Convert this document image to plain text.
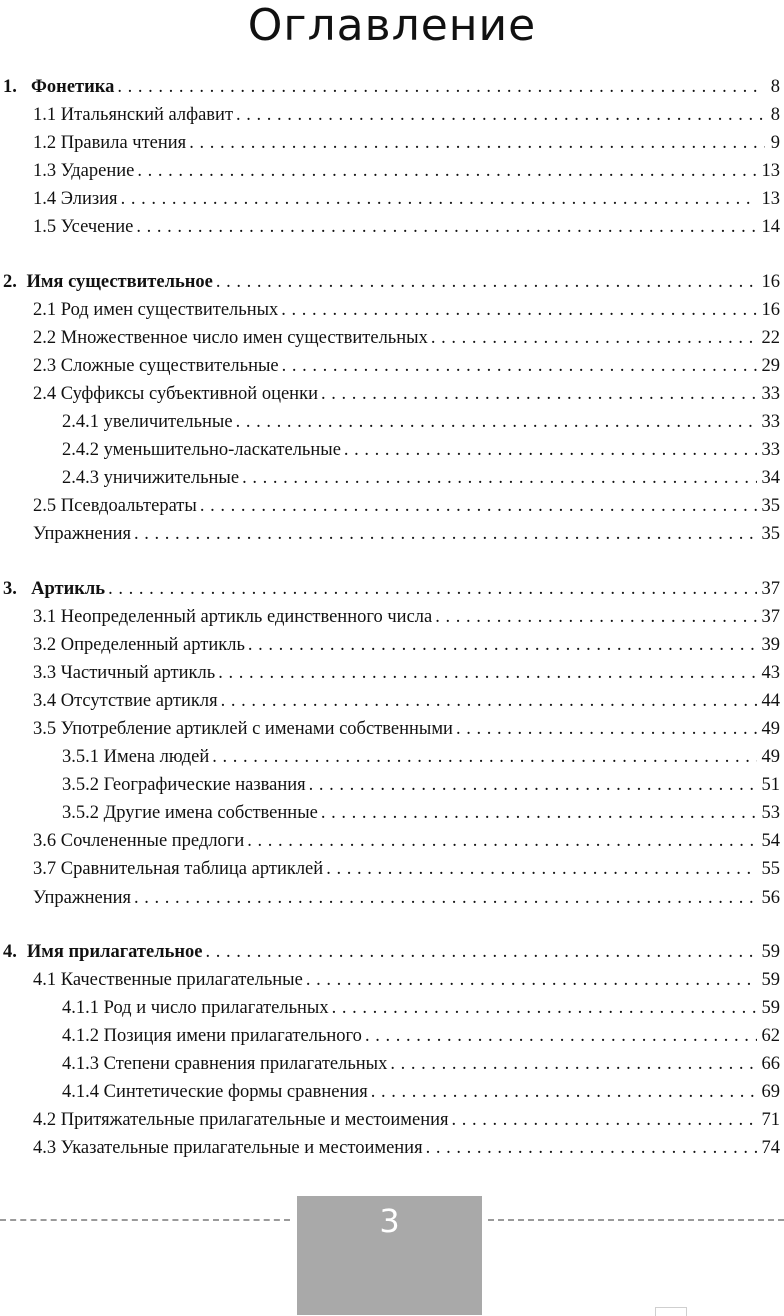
Оглавление
1. Фонетика . . .	8
1.1 Итальянский алфавит . . .	8
1.2 Правила чтения . . .	9
1.3 Ударение . . .	13
1.4 Элизия . . .	13
1.5 Усечение . . .	14
2. Имя существительное . . .	16
2.1 Род имен существительных . . .	16
2.2 Множественное число имен существительных . . .	22
2.3 Сложные существительные . . .	29
2.4 Суффиксы субъективной оценки . . .	33
2.4.1 увеличительные . . .	33
2.4.2 уменьшительно-ласкательные . . .	33
2.4.3 уничижительные . . .	34
2.5 Псевдоальтераты . . .	35
Упражнения . . .	35
3. Артикль . . .	37
3.1 Неопределенный артикль единственного числа . . .	37
3.2 Определенный артикль . . .	39
3.3 Частичный артикль . . .	43
3.4 Отсутствие артикля . . .	44
3.5 Употребление артиклей с именами собственными . . .	49
3.5.1 Имена людей . . .	49
3.5.2 Географические названия . . .	51
3.5.2 Другие имена собственные . . .	53
3.6 Сочлененные предлоги . . .	54
3.7 Сравнительная таблица артиклей . . .	55
Упражнения . . .	56
4. Имя прилагательное . . .	59
4.1 Качественные прилагательные . . .	59
4.1.1 Род и число прилагательных . . .	59
4.1.2 Позиция имени прилагательного . . .	62
4.1.3 Степени сравнения прилагательных . . .	66
4.1.4 Синтетические формы сравнения . . .	69
4.2 Притяжательные прилагательные и местоимения . . .	71
4.3 Указательные прилагательные и местоимения . . .	74
3
